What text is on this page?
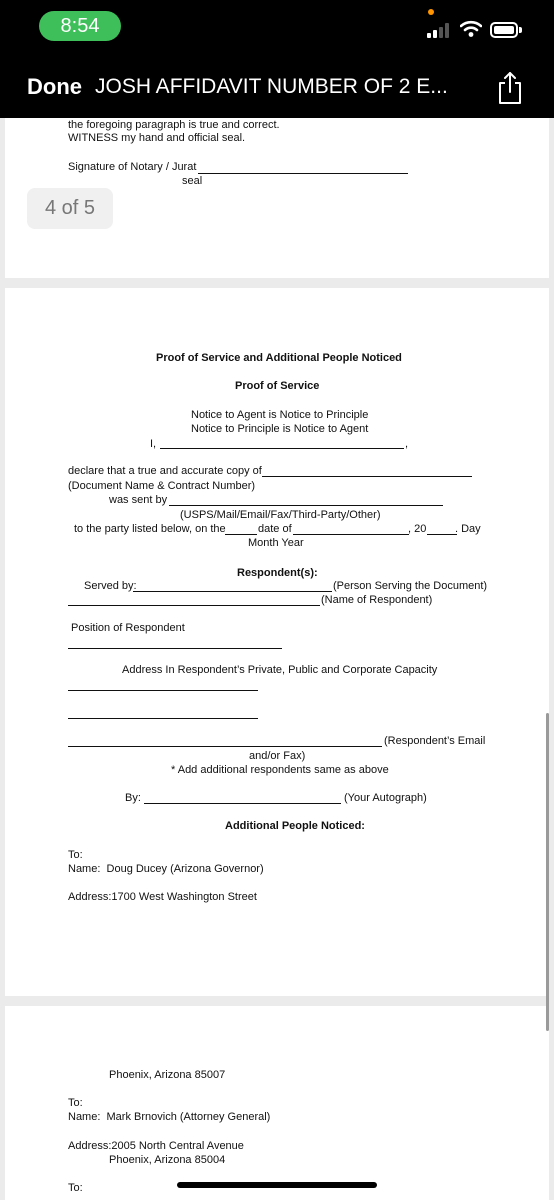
8:54
Done JOSH AFFIDAVIT NUMBER OF 2 E...
the foregoing paragraph is true and correct.
WITNESS my hand and official seal.
Signature of Notary / Jurat
seal
4 of 5
Proof of Service and Additional People Noticed
Proof of Service
Notice to Agent is Notice to Principle
Notice to Principle is Notice to Agent
I,	,
declare that a true and accurate copy of
(Document Name & Contract Number)
was sent by
(USPS/Mail/Email/Fax/Third-Party/Other)
to the party listed below, on the	date of	, 20	. Day
Month Year
Respondent(s):
Served by:	(Person Serving the Document)
(Name of Respondent)
Position of Respondent
Address In Respondent’s Private, Public and Corporate Capacity
(Respondent’s Email
and/or Fax)
* Add additional respondents same as above
By:	(Your Autograph)
Additional People Noticed:
To:
Name:  Doug Ducey (Arizona Governor)
Address:1700 West Washington Street
Phoenix, Arizona 85007
To:
Name:  Mark Brnovich (Attorney General)
Address:2005 North Central Avenue
Phoenix, Arizona 85004
To:
